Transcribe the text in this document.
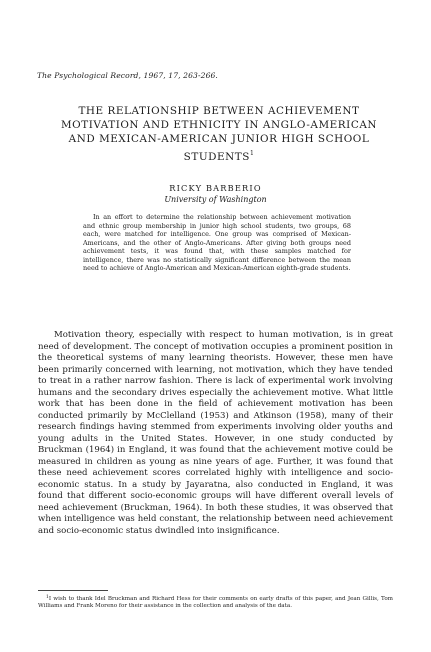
The Psychological Record, 1967, 17, 263-266.
THE RELATIONSHIP BETWEEN ACHIEVEMENT MOTIVATION AND ETHNICITY IN ANGLO-AMERICAN AND MEXICAN-AMERICAN JUNIOR HIGH SCHOOL STUDENTS$^1$
RICKY BARBERIO
University of Washington

In an effort to determine the relationship between achievement motivation and ethnic group membership in junior high school students, two groups, 68 each, were matched for intelligence. One group was comprised of Mexican-Americans, and the other of Anglo-Americans. After giving both groups need achievement tests, it was found that, with these samples matched for intelligence, there was no statistically significant difference between the mean need to achieve of Anglo-American and Mexican-American eighth-grade students.

Motivation theory, especially with respect to human motivation, is in great need of development. The concept of motivation occupies a prominent position in the theoretical systems of many learning theorists. However, these men have been primarily concerned with learning, not motivation, which they have tended to treat in a rather narrow fashion. There is lack of experimental work involving humans and the secondary drives especially the achievement motive. What little work that has been done in the field of achievement motivation has been conducted primarily by McClelland (1953) and Atkinson (1958), many of their research findings having stemmed from experiments involving older youths and young adults in the United States. However, in one study conducted by Bruckman (1964) in England, it was found that the achievement motive could be measured in children as young as nine years of age. Further, it was found that these need achievement scores correlated highly with intelligence and socio-economic status. In a study by Jayaratna, also conducted in England, it was found that different socio-economic groups will have different overall levels of need achievement (Bruckman, 1964). In both these studies, it was observed that when intelligence was held constant, the relationship between need achievement and socio-economic status dwindled into insignificance.

$^1$I wish to thank Idel Bruckman and Richard Hess for their comments on early drafts of this paper, and Jean Gillis, Tom Williams and Frank Moreno for their assistance in the collection and analysis of the data.
